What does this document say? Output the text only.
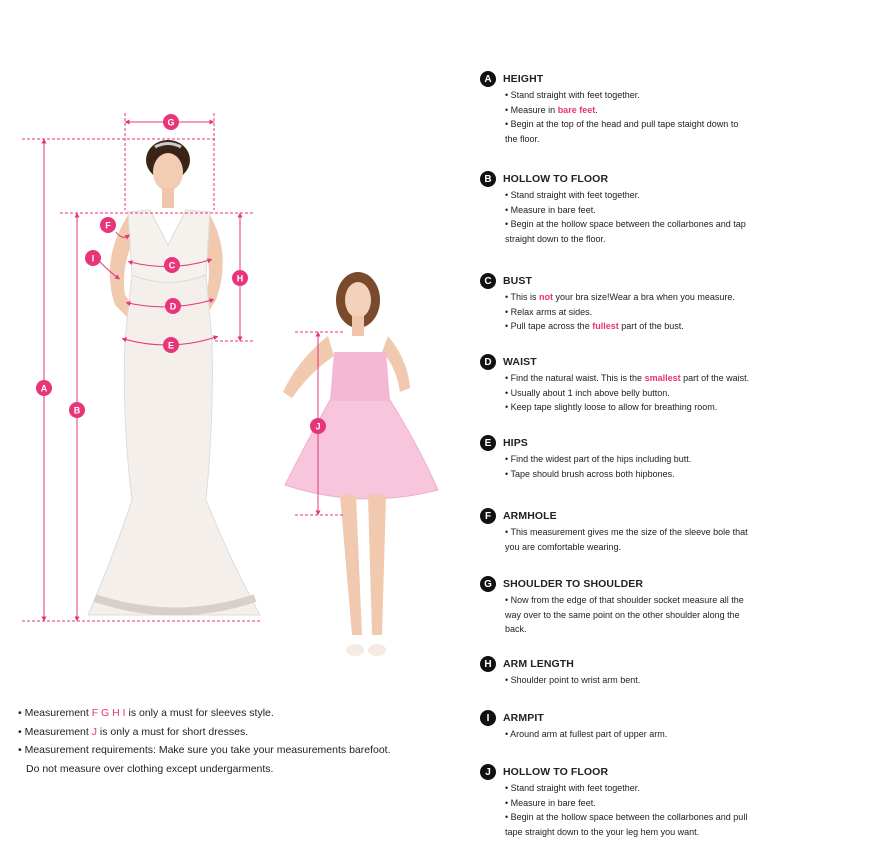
A
B
C
D
E
F
G
H
I
J
• Measurement F G H I is only a must for sleeves style.
• Measurement J is only a must for short dresses.
• Measurement requirements: Make sure you take your measurements barefoot.
Do not measure over clothing except undergarments.
A	HEIGHT
• Stand straight with feet together.
• Measure in bare feet.
• Begin at the top of the head and pull tape staight down to
the floor.
B	HOLLOW TO FLOOR
• Stand straight with feet together.
• Measure in bare feet.
• Begin at the hollow space between the collarbones and tap
straight down to the floor.
C	BUST
• This is not your bra size!Wear a bra when you measure.
• Relax arms at sides.
• Pull tape across the fullest part of the bust.
D	WAIST
• Find the natural waist. This is the smallest part of the waist.
• Usually about 1 inch above belly button.
• Keep tape slightly loose to allow for breathing room.
E	HIPS
• Find the widest part of the hips including butt.
• Tape should brush across both hipbones.
F	ARMHOLE
• This measurement gives me the size of the sleeve bole that
you are comfortable wearing.
G	SHOULDER TO SHOULDER
• Now from the edge of that shoulder socket measure all the
way over to the same point on the other shoulder along the
back.
H	ARM LENGTH
• Shoulder point to wrist arm bent.
I	ARMPIT
• Around arm at fullest part of upper arm.
J	HOLLOW TO FLOOR
• Stand straight with feet together.
• Measure in bare feet.
• Begin at the hollow space between the collarbones and pull
tape straight down to the your leg hem you want.
